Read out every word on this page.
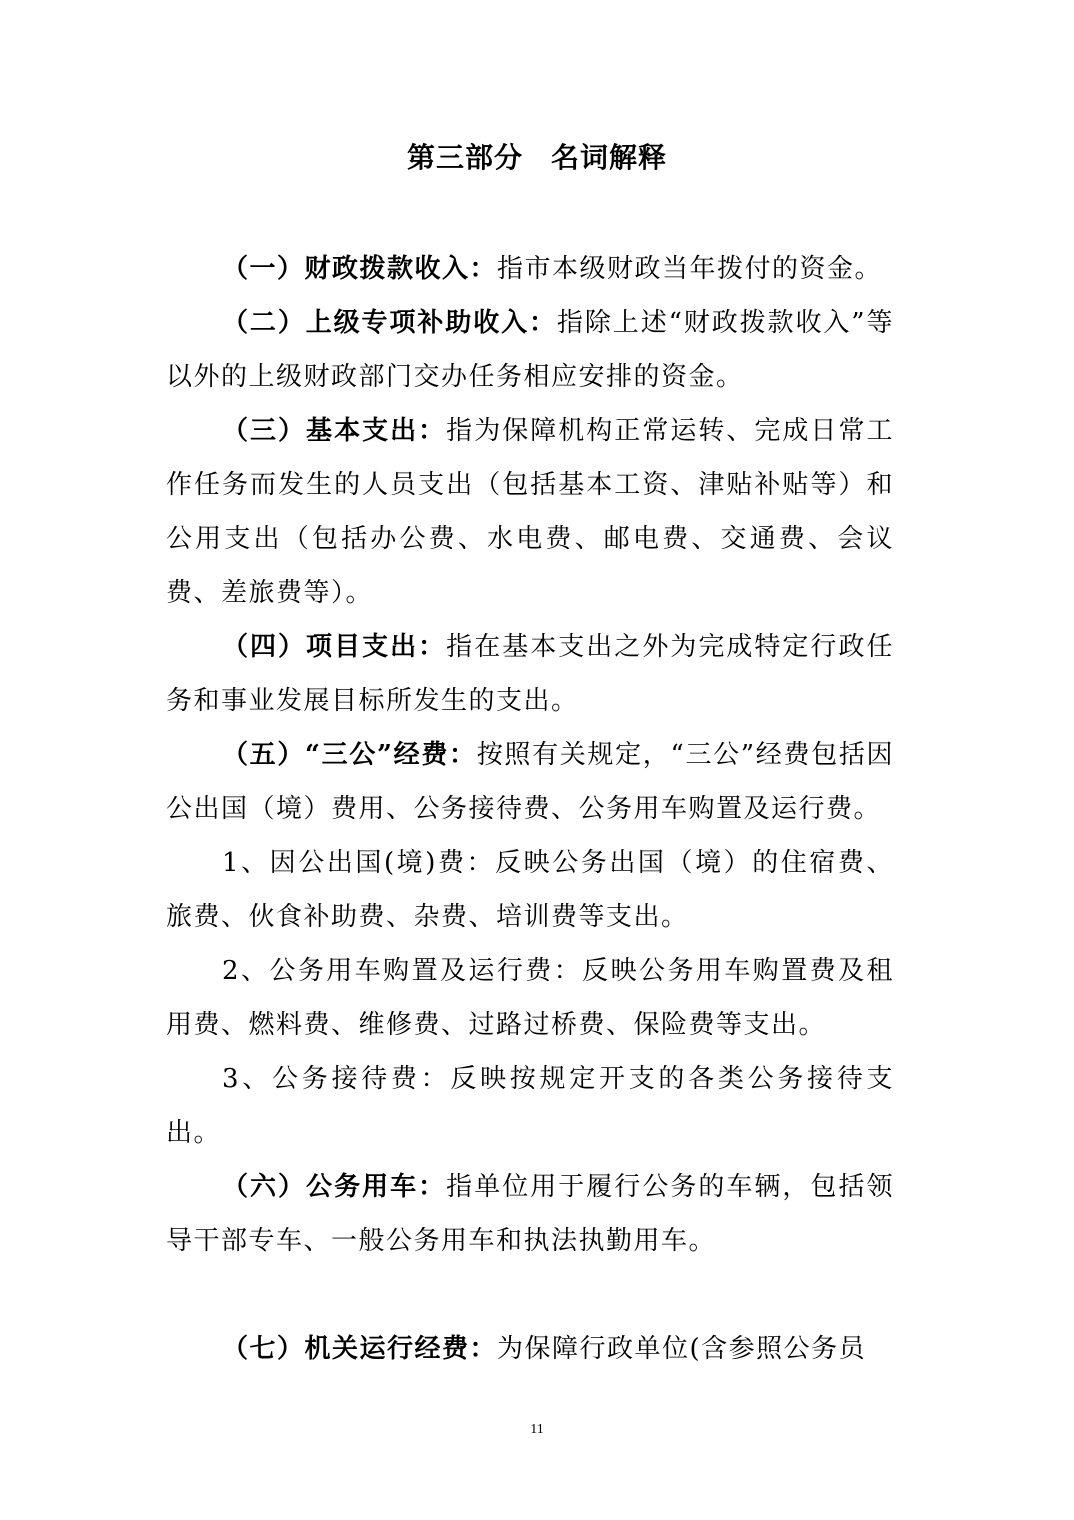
第三部分 名词解释

（一）财政拨款收入：指市本级财政当年拨付的资金。

（二）上级专项补助收入：指除上述“财政拨款收入”等以外的上级财政部门交办任务相应安排的资金。

（三）基本支出：指为保障机构正常运转、完成日常工作任务而发生的人员支出（包括基本工资、津贴补贴等）和公用支出（包括办公费、水电费、邮电费、交通费、会议费、差旅费等）。

（四）项目支出：指在基本支出之外为完成特定行政任务和事业发展目标所发生的支出。

（五）“三公”经费：按照有关规定，“三公”经费包括因公出国（境）费用、公务接待费、公务用车购置及运行费。

1、因公出国(境)费：反映公务出国（境）的住宿费、旅费、伙食补助费、杂费、培训费等支出。

2、公务用车购置及运行费：反映公务用车购置费及租用费、燃料费、维修费、过路过桥费、保险费等支出。

3、公务接待费：反映按规定开支的各类公务接待支出。

（六）公务用车：指单位用于履行公务的车辆，包括领导干部专车、一般公务用车和执法执勤用车。

（七）机关运行经费：为保障行政单位(含参照公务员

11
